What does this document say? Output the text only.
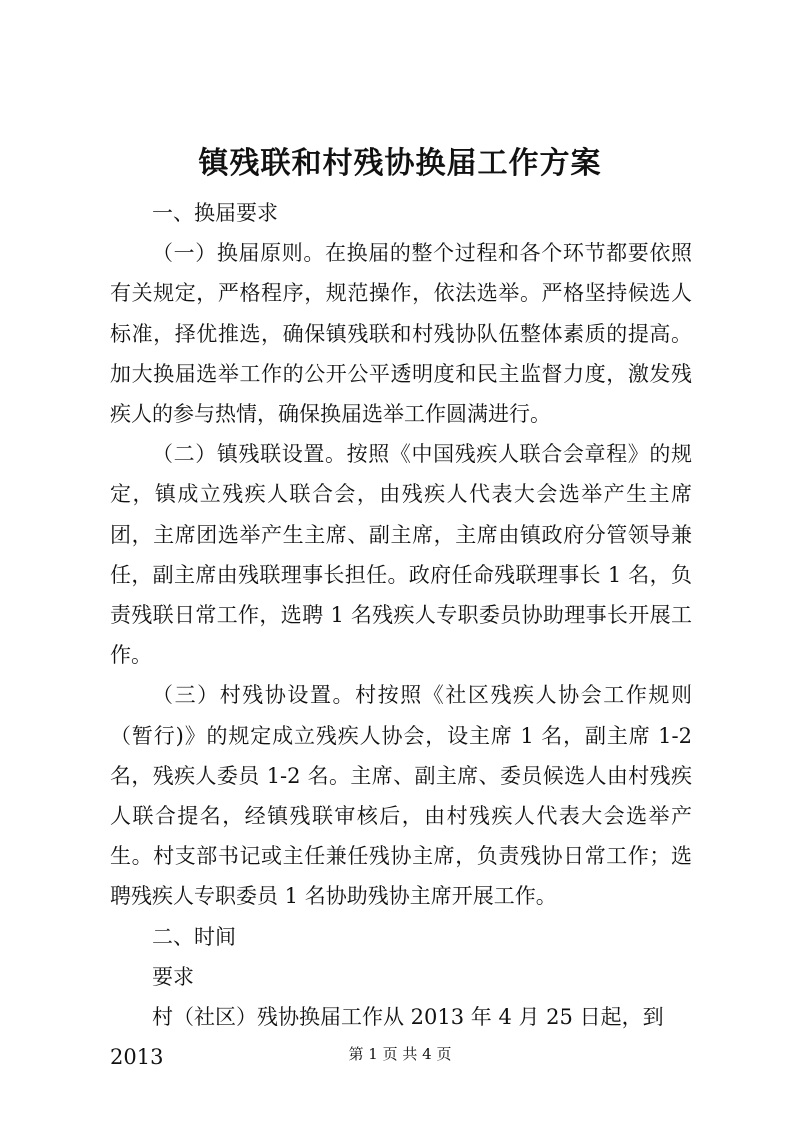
镇残联和村残协换届工作方案

一、换届要求

（一）换届原则。在换届的整个过程和各个环节都要依照有关规定，严格程序，规范操作，依法选举。严格坚持候选人标准，择优推选，确保镇残联和村残协队伍整体素质的提高。加大换届选举工作的公开公平透明度和民主监督力度，激发残疾人的参与热情，确保换届选举工作圆满进行。

（二）镇残联设置。按照《中国残疾人联合会章程》的规定，镇成立残疾人联合会，由残疾人代表大会选举产生主席团，主席团选举产生主席、副主席，主席由镇政府分管领导兼任，副主席由残联理事长担任。政府任命残联理事长 1 名，负责残联日常工作，选聘 1 名残疾人专职委员协助理事长开展工作。

（三）村残协设置。村按照《社区残疾人协会工作规则（暂行)》的规定成立残疾人协会，设主席 1 名，副主席 1-2 名，残疾人委员 1-2 名。主席、副主席、委员候选人由村残疾人联合提名，经镇残联审核后，由村残疾人代表大会选举产生。村支部书记或主任兼任残协主席，负责残协日常工作；选聘残疾人专职委员 1 名协助残协主席开展工作。

二、时间

要求

村（社区）残协换届工作从 2013 年 4 月 25 日起，到 2013	第 1 页 共 4 页
